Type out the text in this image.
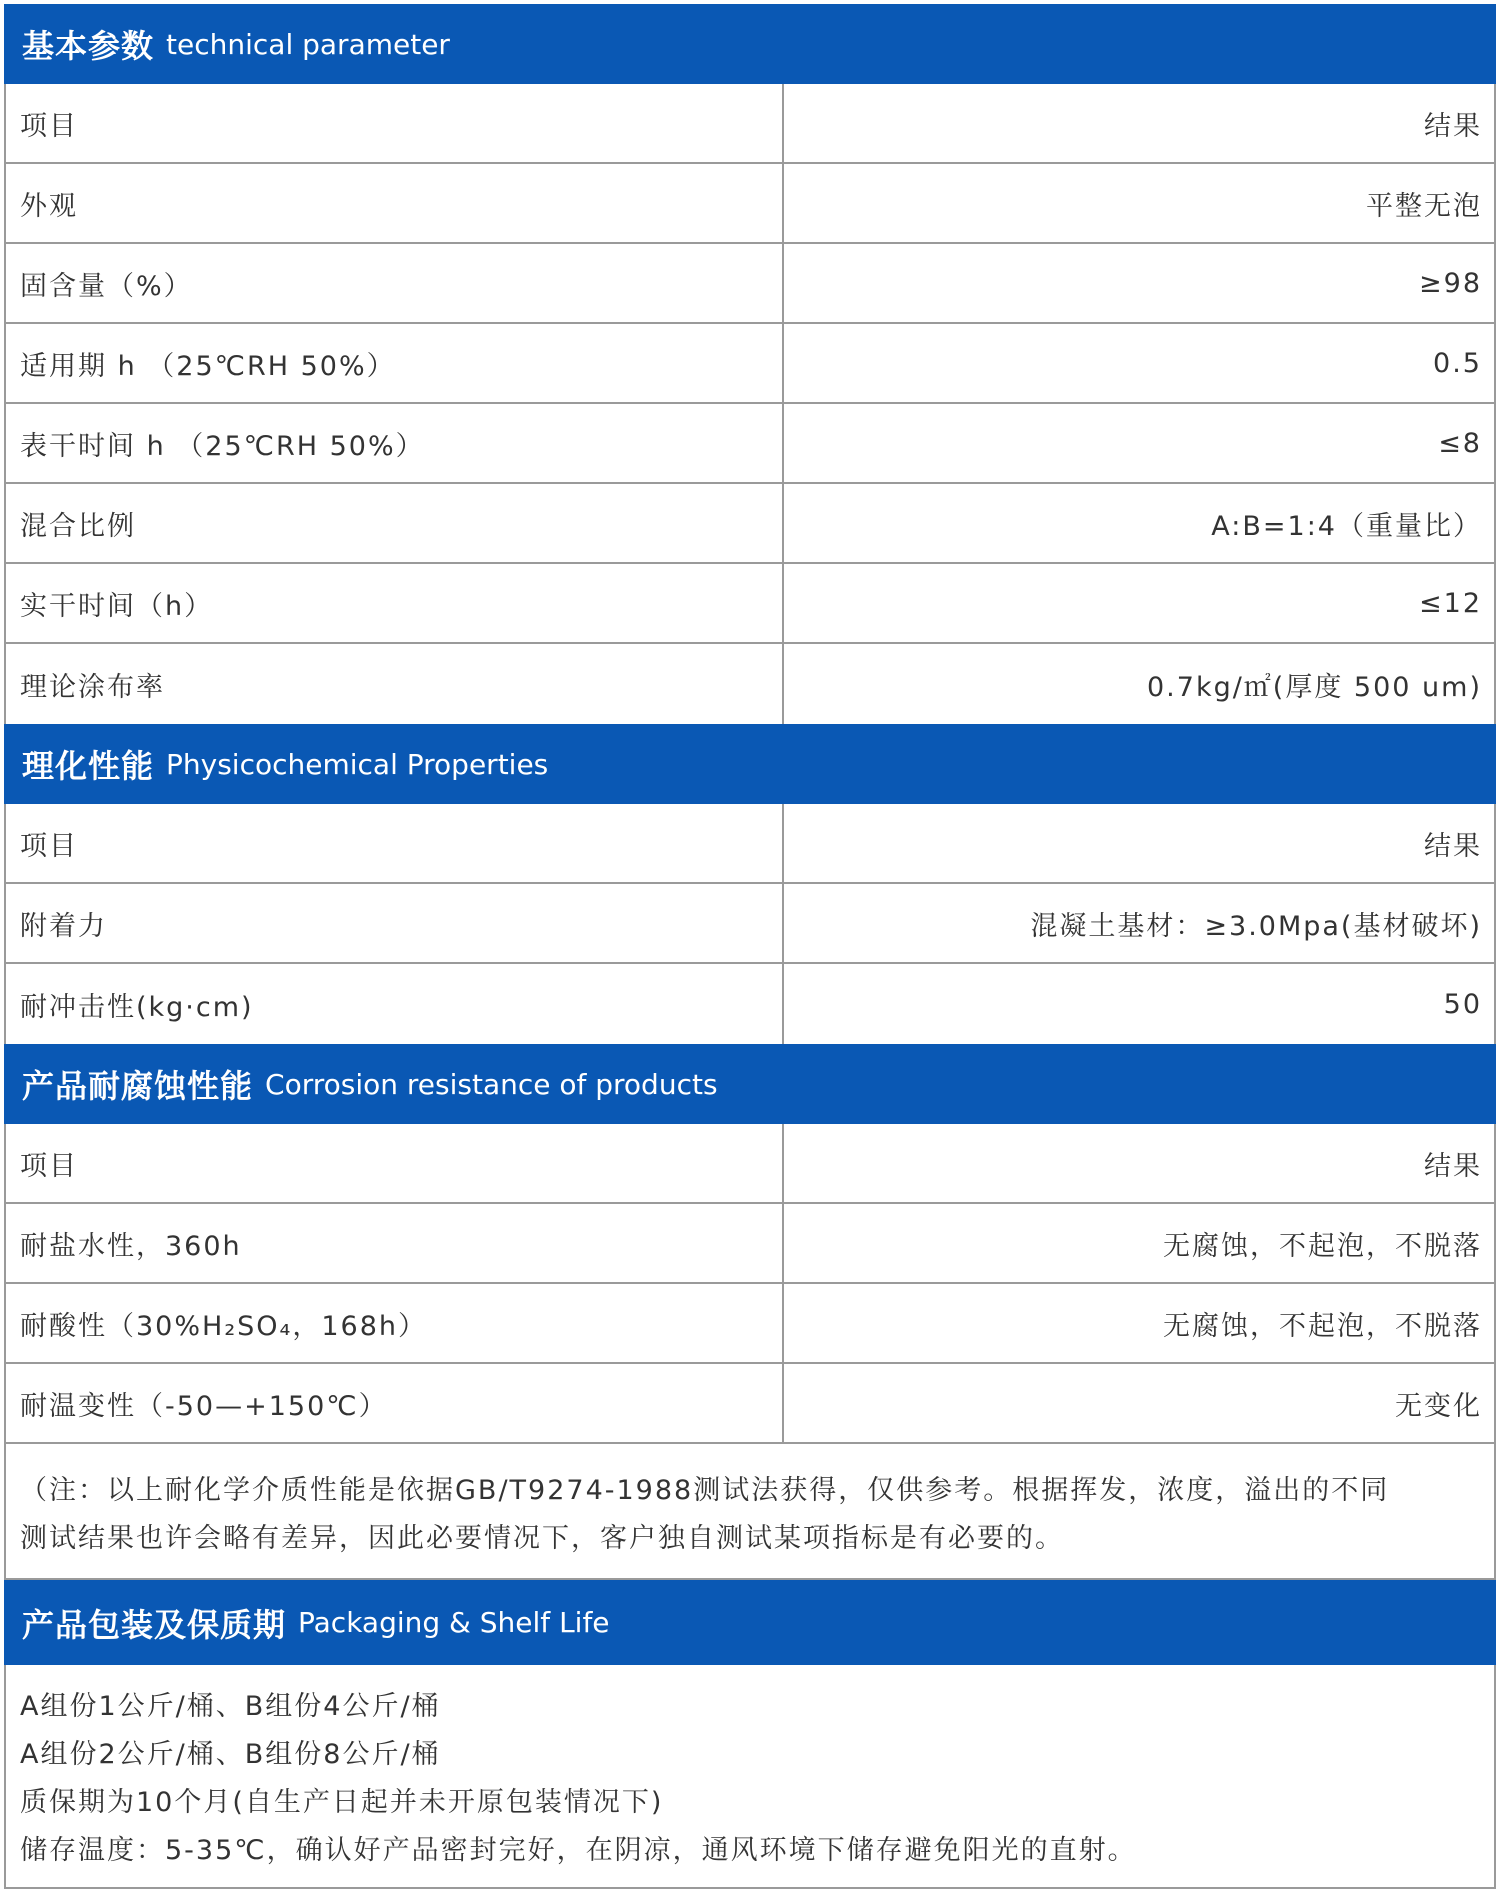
基本参数 technical parameter
项目	结果
外观	平整无泡
固含量（%）	≥98
适用期 h （25℃RH 50%）	0.5
表干时间 h （25℃RH 50%）	≤8
混合比例	A:B=1:4（重量比）
实干时间（h）	≤12
理论涂布率	0.7kg/㎡(厚度 500 um)
理化性能 Physicochemical Properties
项目	结果
附着力	混凝土基材：≥3.0Mpa(基材破坏)
耐冲击性(kg·cm)	50
产品耐腐蚀性能 Corrosion resistance of products
项目	结果
耐盐水性，360h	无腐蚀，不起泡，不脱落
耐酸性（30%H₂SO₄，168h）	无腐蚀，不起泡，不脱落
耐温变性（-50—+150℃）	无变化
（注：以上耐化学介质性能是依据GB/T9274-1988测试法获得，仅供参考。根据挥发，浓度，溢出的不同
测试结果也许会略有差异，因此必要情况下，客户独自测试某项指标是有必要的。
产品包装及保质期 Packaging & Shelf Life
A组份1公斤/桶、B组份4公斤/桶
A组份2公斤/桶、B组份8公斤/桶
质保期为10个月(自生产日起并未开原包装情况下)
储存温度：5-35℃，确认好产品密封完好，在阴凉，通风环境下储存避免阳光的直射。
